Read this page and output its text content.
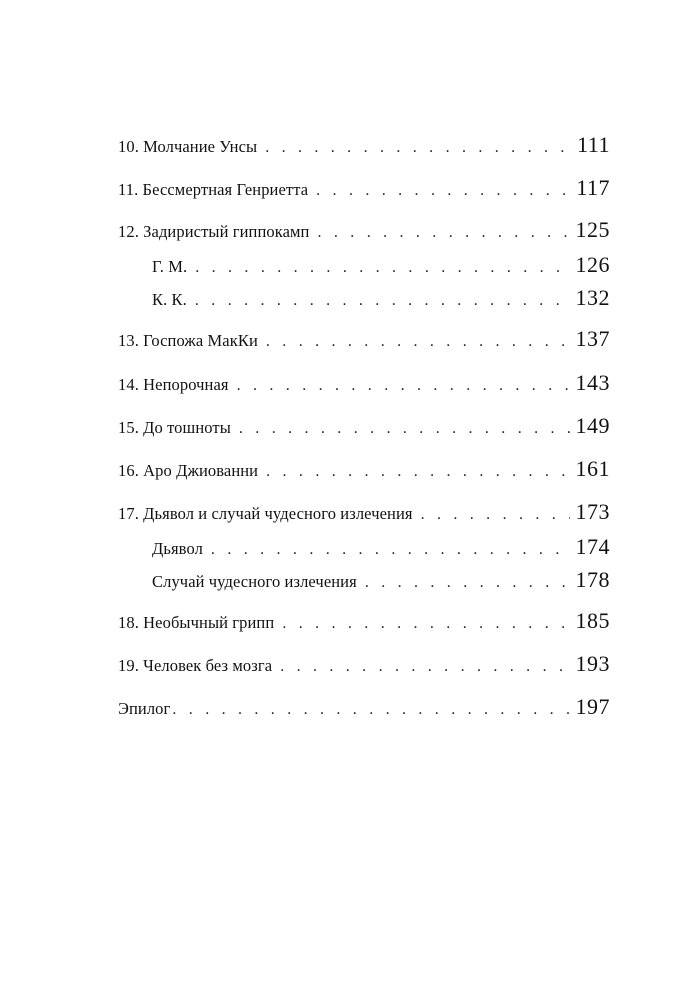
10. Молчание Унсы . . .	111
11. Бессмертная Генриетта . . .	117
12. Задиристый гиппокамп . . .	125
Г. М. . . .	126
К. К. . . .	132
13. Госпожа МакКи . . .	137
14. Непорочная . . .	143
15. До тошноты . . .	149
16. Аро Джиованни . . .	161
17. Дьявол и случай чудесного излечения . . .	173
Дьявол . . .	174
Случай чудесного излечения . . .	178
18. Необычный грипп . . .	185
19. Человек без мозга . . .	193
Эпилог . . .	197
